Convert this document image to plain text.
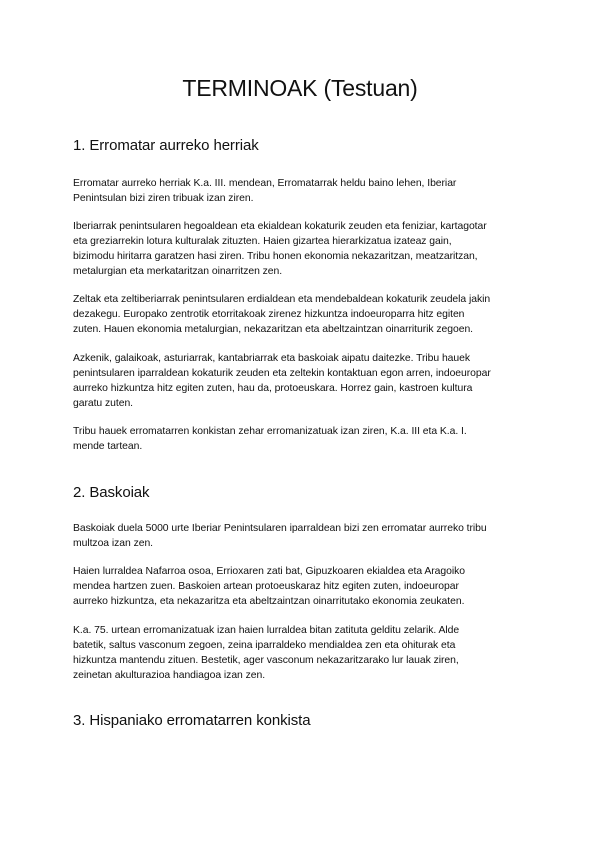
TERMINOAK (Testuan)
1. Erromatar aurreko herriak

Erromatar aurreko herriak K.a. III. mendean, Erromatarrak heldu baino lehen, Iberiar
Penintsulan bizi ziren tribuak izan ziren.

Iberiarrak penintsularen hegoaldean eta ekialdean kokaturik zeuden eta feniziar, kartagotar
eta greziarrekin lotura kulturalak zituzten. Haien gizartea hierarkizatua izateaz gain,
bizimodu hiritarra garatzen hasi ziren. Tribu honen ekonomia nekazaritzan, meatzaritzan,
metalurgian eta merkataritzan oinarritzen zen.

Zeltak eta zeltiberiarrak penintsularen erdialdean eta mendebaldean kokaturik zeudela jakin
dezakegu. Europako zentrotik etorritakoak zirenez hizkuntza indoeuroparra hitz egiten
zuten. Hauen ekonomia metalurgian, nekazaritzan eta abeltzaintzan oinarriturik zegoen.

Azkenik, galaikoak, asturiarrak, kantabriarrak eta baskoiak aipatu daitezke. Tribu hauek
penintsularen iparraldean kokaturik zeuden eta zeltekin kontaktuan egon arren, indoeuropar
aurreko hizkuntza hitz egiten zuten, hau da, protoeuskara. Horrez gain, kastroen kultura
garatu zuten.

Tribu hauek erromatarren konkistan zehar erromanizatuak izan ziren, K.a. III eta K.a. I.
mende tartean.

2. Baskoiak

Baskoiak duela 5000 urte Iberiar Penintsularen iparraldean bizi zen erromatar aurreko tribu
multzoa izan zen.

Haien lurraldea Nafarroa osoa, Errioxaren zati bat, Gipuzkoaren ekialdea eta Aragoiko
mendea hartzen zuen. Baskoien artean protoeuskaraz hitz egiten zuten, indoeuropar
aurreko hizkuntza, eta nekazaritza eta abeltzaintzan oinarritutako ekonomia zeukaten.

K.a. 75. urtean erromanizatuak izan haien lurraldea bitan zatituta gelditu zelarik. Alde
batetik, saltus vasconum zegoen, zeina iparraldeko mendialdea zen eta ohiturak eta
hizkuntza mantendu zituen. Bestetik, ager vasconum nekazaritzarako lur lauak ziren,
zeinetan akulturazioa handiagoa izan zen.

3. Hispaniako erromatarren konkista
